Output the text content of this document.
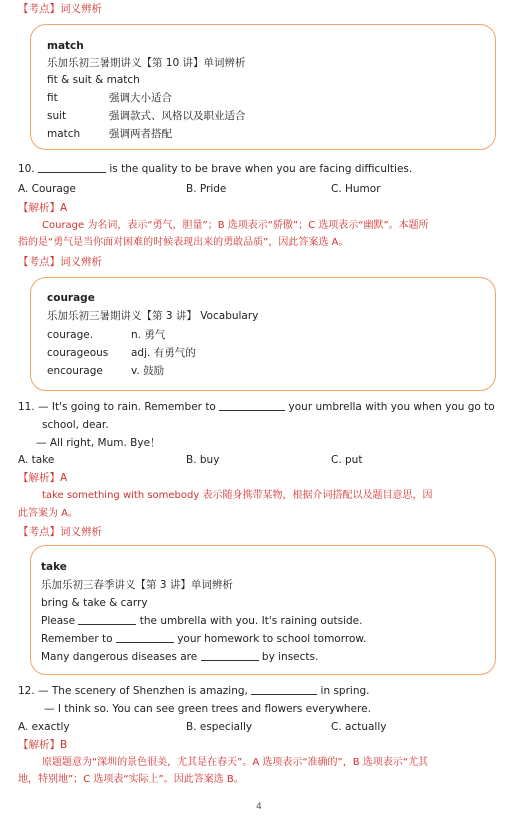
【考点】词义辨析
match
乐加乐初三暑期讲义【第 10 讲】单词辨析
fit & suit & match
fit	强调大小适合
suit	强调款式、风格以及职业适合
match	强调两者搭配
10.	is the quality to be brave when you are facing difficulties.
A. Courage	B. Pride	C. Humor
【解析】A
Courage 为名词，表示“勇气，胆量”；B 选项表示“骄傲”；C 选项表示“幽默”。本题所
指的是“勇气是当你面对困难的时候表现出来的勇敢品质”，因此答案选 A。
【考点】词义辨析
courage
乐加乐初三暑期讲义【第 3 讲】 Vocabulary
courage.	n. 勇气
courageous adj. 有勇气的
encourage	v. 鼓励
11. — It's going to rain. Remember to	your umbrella with you when you go to
school, dear.
— All right, Mum. Bye！
A. take	B. buy	C. put
【解析】A
take something with somebody 表示随身携带某物，根据介词搭配以及题目意思，因
此答案为 A。
【考点】词义辨析
take
乐加乐初三春季讲义【第 3 讲】单词辨析
bring & take & carry
Please	the umbrella with you. It's raining outside.
Remember to	your homework to school tomorrow.
Many dangerous diseases are	by insects.
12. — The scenery of Shenzhen is amazing,	in spring.
— I think so. You can see green trees and flowers everywhere.
A. exactly	B. especially	C. actually
【解析】B
原题题意为“深圳的景色很美，尤其是在春天”。A 选项表示“准确的”，B 选项表示“尤其
地，特别地”；C 选项表“实际上”。因此答案选 B。
4
